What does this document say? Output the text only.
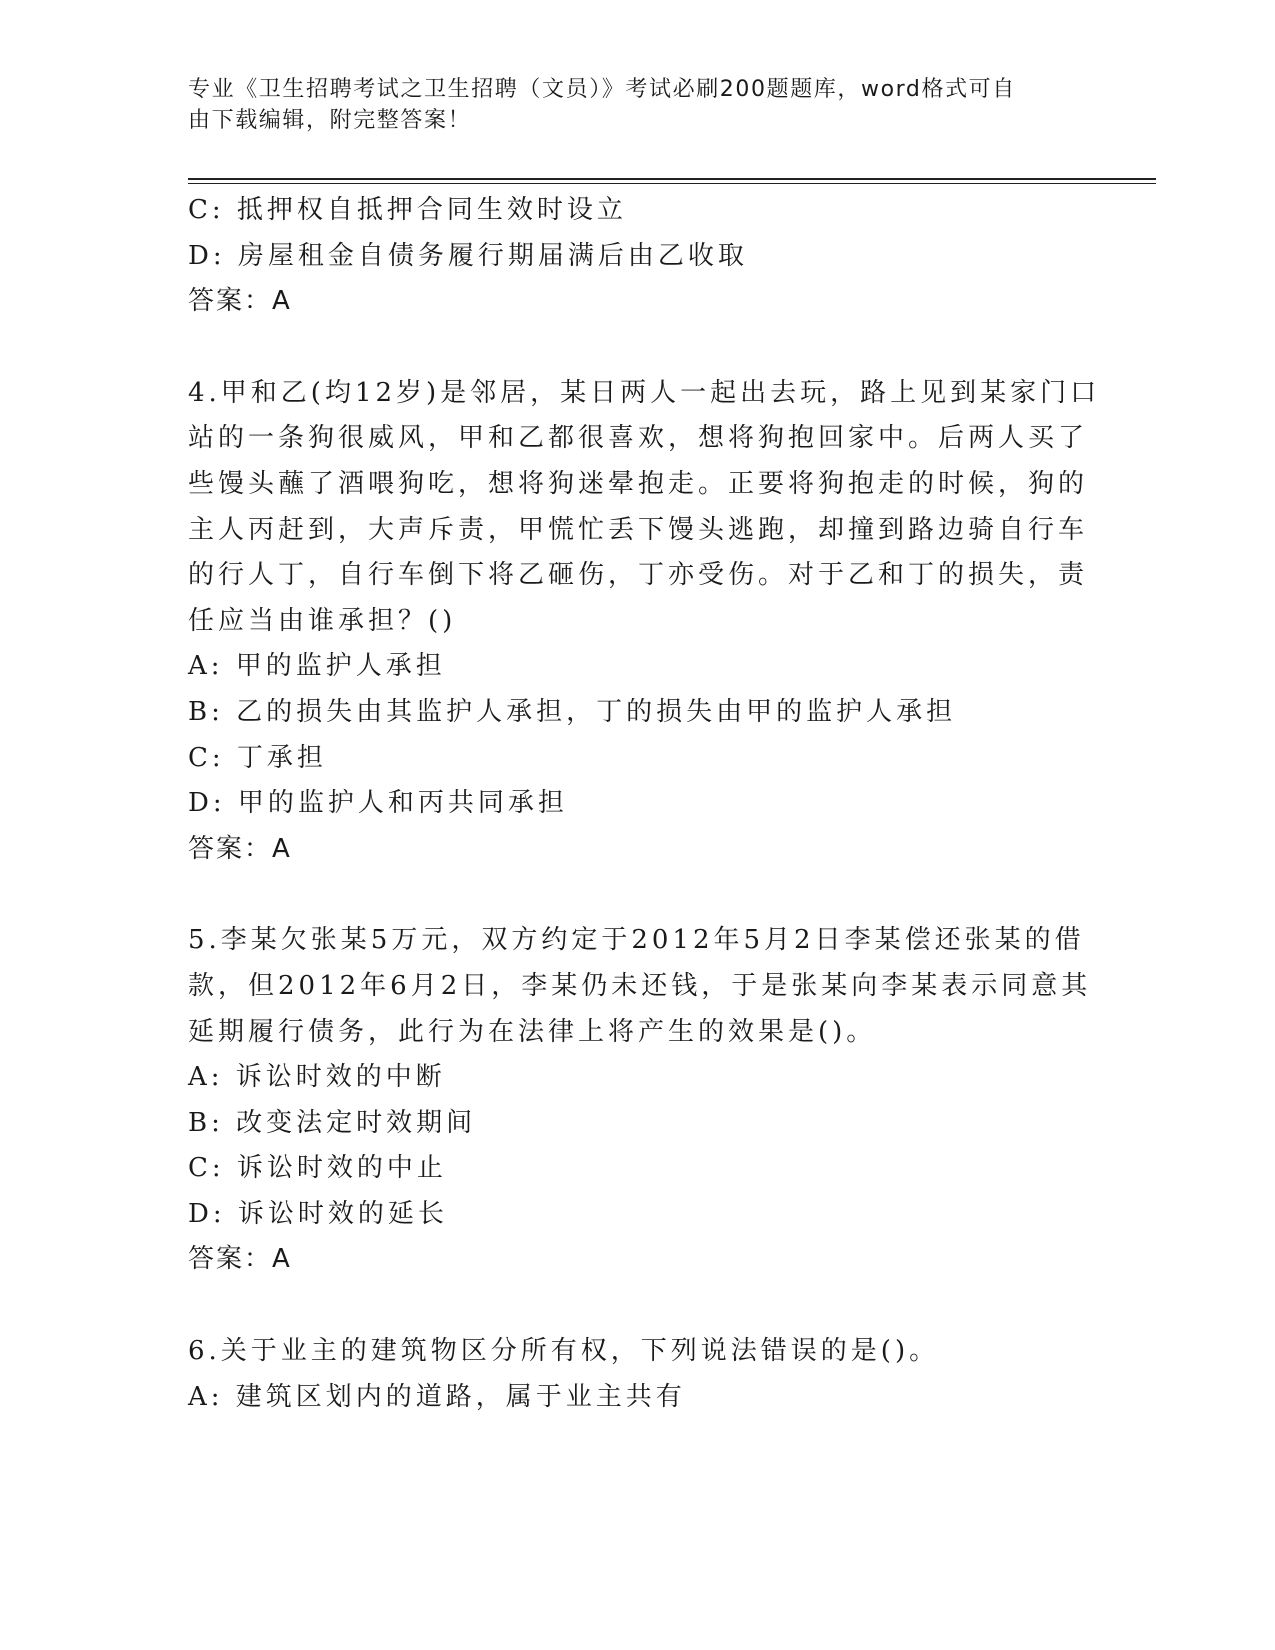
专业《卫生招聘考试之卫生招聘（文员）》考试必刷200题题库，word格式可自
由下载编辑，附完整答案！

C: 抵押权自抵押合同生效时设立

D: 房屋租金自债务履行期届满后由乙收取

答案：A

4.甲和乙(均12岁)是邻居，某日两人一起出去玩，路上见到某家门口

站的一条狗很威风，甲和乙都很喜欢，想将狗抱回家中。后两人买了

些馒头蘸了酒喂狗吃，想将狗迷晕抱走。正要将狗抱走的时候，狗的

主人丙赶到，大声斥责，甲慌忙丢下馒头逃跑，却撞到路边骑自行车

的行人丁，自行车倒下将乙砸伤，丁亦受伤。对于乙和丁的损失，责

任应当由谁承担？()

A: 甲的监护人承担

B: 乙的损失由其监护人承担，丁的损失由甲的监护人承担

C: 丁承担

D: 甲的监护人和丙共同承担

答案：A

5.李某欠张某5万元，双方约定于2012年5月2日李某偿还张某的借

款，但2012年6月2日，李某仍未还钱，于是张某向李某表示同意其

延期履行债务，此行为在法律上将产生的效果是()。

A: 诉讼时效的中断

B: 改变法定时效期间

C: 诉讼时效的中止

D: 诉讼时效的延长

答案：A

6.关于业主的建筑物区分所有权，下列说法错误的是()。

A: 建筑区划内的道路，属于业主共有
